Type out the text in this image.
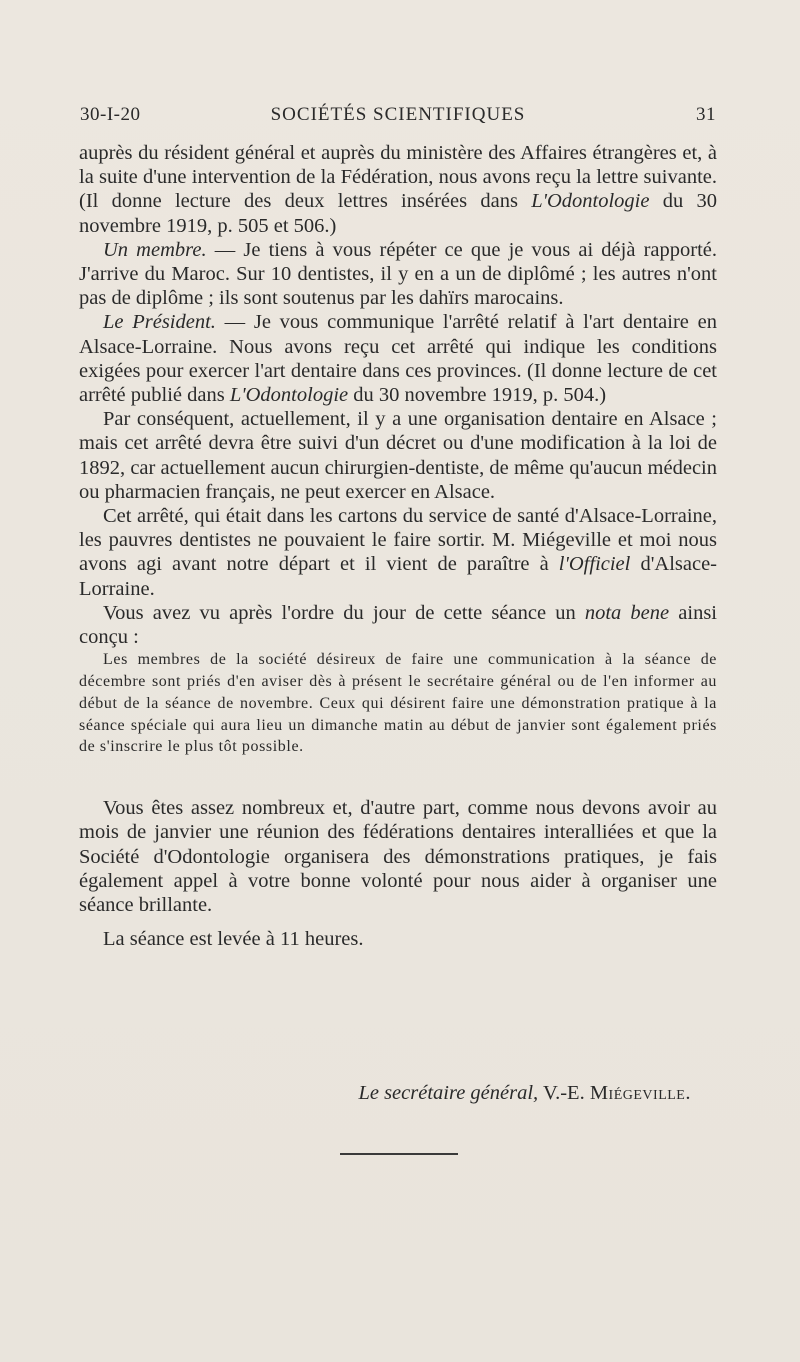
30-I-20	SOCIÉTÉS SCIENTIFIQUES	31

auprès du résident général et auprès du ministère des Affaires étrangères et, à la suite d'une intervention de la Fédération, nous avons reçu la lettre suivante. (Il donne lecture des deux lettres insérées dans L'Odontologie du 30 novembre 1919, p. 505 et 506.)

Un membre. — Je tiens à vous répéter ce que je vous ai déjà rapporté. J'arrive du Maroc. Sur 10 dentistes, il y en a un de diplômé ; les autres n'ont pas de diplôme ; ils sont soutenus par les dahïrs marocains.

Le Président. — Je vous communique l'arrêté relatif à l'art dentaire en Alsace-Lorraine. Nous avons reçu cet arrêté qui indique les conditions exigées pour exercer l'art dentaire dans ces provinces. (Il donne lecture de cet arrêté publié dans L'Odontologie du 30 novembre 1919, p. 504.)

Par conséquent, actuellement, il y a une organisation dentaire en Alsace ; mais cet arrêté devra être suivi d'un décret ou d'une modification à la loi de 1892, car actuellement aucun chirurgien-dentiste, de même qu'aucun médecin ou pharmacien français, ne peut exercer en Alsace.

Cet arrêté, qui était dans les cartons du service de santé d'Alsace-Lorraine, les pauvres dentistes ne pouvaient le faire sortir. M. Miégeville et moi nous avons agi avant notre départ et il vient de paraître à l'Officiel d'Alsace-Lorraine.

Vous avez vu après l'ordre du jour de cette séance un nota bene ainsi conçu :

Les membres de la société désireux de faire une communication à la séance de décembre sont priés d'en aviser dès à présent le secrétaire général ou de l'en informer au début de la séance de novembre. Ceux qui désirent faire une démonstration pratique à la séance spéciale qui aura lieu un dimanche matin au début de janvier sont également priés de s'inscrire le plus tôt possible.

Vous êtes assez nombreux et, d'autre part, comme nous devons avoir au mois de janvier une réunion des fédérations dentaires interalliées et que la Société d'Odontologie organisera des démonstrations pratiques, je fais également appel à votre bonne volonté pour nous aider à organiser une séance brillante.

La séance est levée à 11 heures.

Le secrétaire général, V.-E. Miégeville.
